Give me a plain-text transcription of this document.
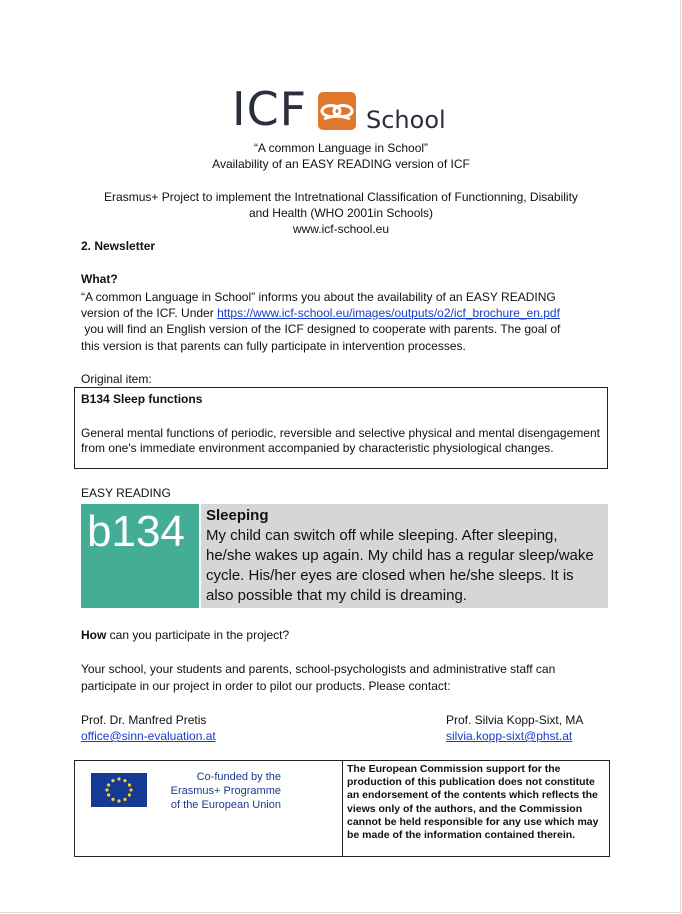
ICF School
“A common Language in School”
Availability of an EASY READING version of ICF
Erasmus+ Project to implement the Intretnational Classification of Functionning, Disability
and Health (WHO 2001in Schools)
www.icf-school.eu
2. Newsletter
What?
“A common Language in School” informs you about the availability of an EASY READING
version of the ICF. Under https://www.icf-school.eu/images/outputs/o2/icf_brochure_en.pdf
you will find an English version of the ICF designed to cooperate with parents. The goal of
this version is that parents can fully participate in intervention processes.
Original item:
B134 Sleep functions
General mental functions of periodic, reversible and selective physical and mental disengagement from one's immediate environment accompanied by characteristic physiological changes.
EASY READING
b134	Sleeping
My child can switch off while sleeping. After sleeping, he/she wakes up again. My child has a regular sleep/wake cycle. His/her eyes are closed when he/she sleeps. It is also possible that my child is dreaming.
How can you participate in the project?
Your school, your students and parents, school-psychologists and administrative staff can
participate in our project in order to pilot our products. Please contact:
Prof. Dr. Manfred Pretis
office@sinn-evaluation.at
Prof. Silvia Kopp-Sixt, MA
silvia.kopp-sixt@phst.at
Co-funded by the
Erasmus+ Programme
of the European Union
The European Commission support for the production of this publication does not constitute an endorsement of the contents which reflects the views only of the authors, and the Commission cannot be held responsible for any use which may be made of the information contained therein.
